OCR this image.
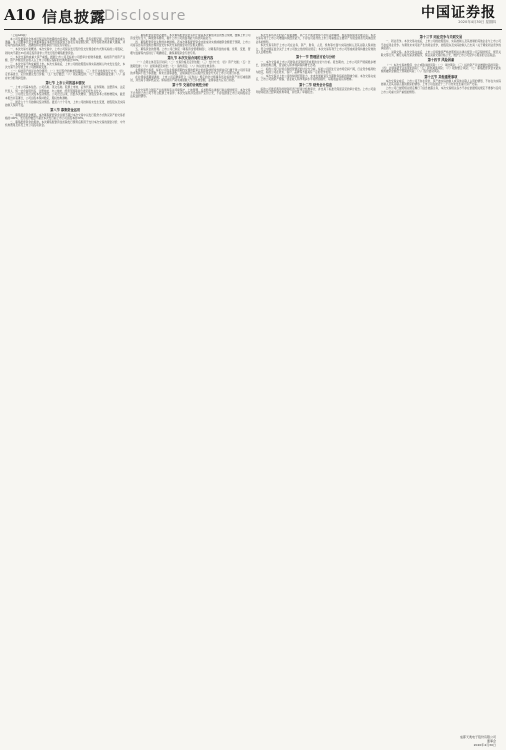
A10 信息披露
Disclosure	中国证券报
2020年4月30日 星期四

（上接A09版）

本公司及董事会全体成员保证信息披露的内容真实、准确、完整，没有虚假记载、误导性陈述或重大遗漏。本公司董事会及全体董事保证本报告所载资料不存在任何虚假记载、误导性陈述或者重大遗漏，并对其内容的真实性、准确性和完整性承担个别及连带责任。

一、本次交易方案概述。本次交易中，上市公司拟以发行股份及支付现金的方式购买标的公司股权，同时向不超过35名特定投资者非公开发行股份募集配套资金。

二、本次交易构成重大资产重组。根据上市公司及标的公司经审计的财务数据，标的资产的资产总额、资产净额及营业收入占上市公司相应指标的比例均超过50%。

三、本次交易不构成重组上市。本次交易前后，上市公司的控股股东和实际控制人均未发生变化，本次交易不会导致上市公司控制权变更。

（一）标的资产的评估作价情况；（二）发行股份的种类和面值；（三）发行对象和发行方式；（四）定价基准日、定价依据及发行价格；（五）发行数量；（六）锁定期安排；（七）过渡期损益安排；（八）滚存未分配利润安排。

第七节 上市公司的基本情况

一、上市公司基本信息。公司名称、英文名称、股票上市地、证券代码、证券简称、注册资本、法定代表人、统一社会信用代码、注册地址、办公地址、经营范围等信息详见报告书全文。

二、公司设立及历次股本变动情况。公司设立以来，历经多次增资、送股及资本公积转增股本，截至本报告书签署日，公司总股本保持稳定，股权结构清晰。

三、最近六十个月控制权变动情况。最近六十个月内，上市公司控制权未发生变更，控股股东及实际控制人保持不变。

第八节 募集资金运用

一、募集配套资金概况。本次募集配套资金总额不超过本次交易中以发行股份方式购买资产的交易价格的100%，发行股份数量不超过本次发行前上市公司总股本的30%。

二、募集配套资金的用途。本次募集配套资金扣除发行费用后拟用于支付本次交易的现金对价、中介机构费用及补充上市公司流动资金。

三、募集配套资金的必要性。本次募集配套资金有利于提高本次重组项目的整合绩效，缓解上市公司资金支付压力，降低财务费用，提升上市公司的盈利能力和抗风险能力。

四、募集配套资金失败的补救措施。若本次募集配套资金未能成功实施或融资金额低于预期，上市公司将以自有资金或自筹资金支付本次交易的现金对价及相关费用。

五、募集资金的管理。上市公司已制定《募集资金管理制度》，对募集资金的存储、使用、变更、管理与监督等内容进行了明确规定，确保募集资金专款专用。

第九节 本次交易合同的主要内容

（一）合同主体及签订时间；（二）交易价格及定价依据；（三）支付方式；（四）资产交割；（五）过渡期安排；（六）业绩承诺及补偿；（七）违约责任；（八）协议的生效条件。

业绩承诺方承诺，标的公司在业绩承诺期内实现的经审计的扣除非经常性损益后归属于母公司所有者的净利润不低于承诺数；如未达到承诺数，业绩承诺方应以股份及现金方式对上市公司进行补偿。

在业绩承诺期届满时，上市公司应聘请符合《证券法》规定的会计师事务所对标的资产进行减值测试，并出具专项审核意见。如标的资产期末减值额大于已补偿金额，业绩承诺方应另行补偿。

第十节 交易的合规性分析

本次交易符合国家产业政策和有关环境保护、土地管理、反垄断等法律和行政法规的规定；本次交易不会导致上市公司不符合股票上市条件；本次交易所涉及的资产定价公允，不存在损害上市公司和股东合法权益的情形。

本次交易所涉及的资产权属清晰，资产过户或者转移不存在法律障碍，相关债权债务处理合法；本次交易有利于上市公司增强持续经营能力，不存在可能导致上市公司重组后主要资产为现金或者无具体经营业务的情形。

本次交易有利于上市公司在业务、资产、财务、人员、机构等方面与实际控制人及其关联人保持独立，符合中国证监会关于上市公司独立性的相关规定；本次交易有利于上市公司形成或者保持健全有效的法人治理结构。

第十一节 管理层讨论与分析

一、本次交易前上市公司财务状况和经营成果的讨论与分析。报告期内，上市公司资产规模稳步增长，负债结构合理，营业收入和净利润保持增长态势。

二、标的公司行业特点和经营情况的讨论与分析。标的公司所处行业市场空间广阔，行业竞争格局较为稳定，标的公司在技术、客户、品牌等方面具有一定的竞争优势。

三、本次交易对上市公司的持续经营能力、未来发展前景及当期财务指标的影响分析。本次交易完成后，上市公司的资产规模、营业收入和净利润水平将得到提升，每股收益将有所增厚。

第十二节 财务会计信息

标的公司最近两年的财务报表已经审计机构审计，并出具了标准无保留意见的审计报告。上市公司备考财务报表已经审阅机构审阅，并出具了审阅报告。

第十三节 同业竞争与关联交易

一、同业竞争。本次交易完成后，上市公司的控股股东、实际控制人及其控制的其他企业与上市公司不存在同业竞争。为避免未来可能产生的同业竞争，控股股东及实际控制人已出具《关于避免同业竞争的承诺函》。

二、关联交易。本次交易完成后，上市公司将继续严格按照相关法律法规及公司章程的规定，规范关联交易行为，履行关联交易决策程序，保证关联交易价格公允，维护上市公司及中小股东的合法权益。

第十四节 风险因素

（一）本次交易被暂停、中止或取消的风险；（二）审批风险；（三）标的资产评估增值较高的风险；（四）业绩承诺无法实现的风险；（五）商誉减值风险；（六）收购整合风险；（七）募集配套资金未能实施或融资金额低于预期的风险；（八）股价波动风险。

第十五节 其他重要事项

本次交易完成后，上市公司不存在资金、资产被实际控制人或其他关联人占用的情形，不存在为实际控制人及其关联人提供担保的情形。上市公司在最近十二个月内未发生重大资产交易。

上市公司已按照相关规定履行了信息披露义务，本次交易相关各方不存在依据相关规定不得参与任何上市公司重大资产重组的情形。

成都天奥电子股份有限公司
董事会
2020年4月30日
